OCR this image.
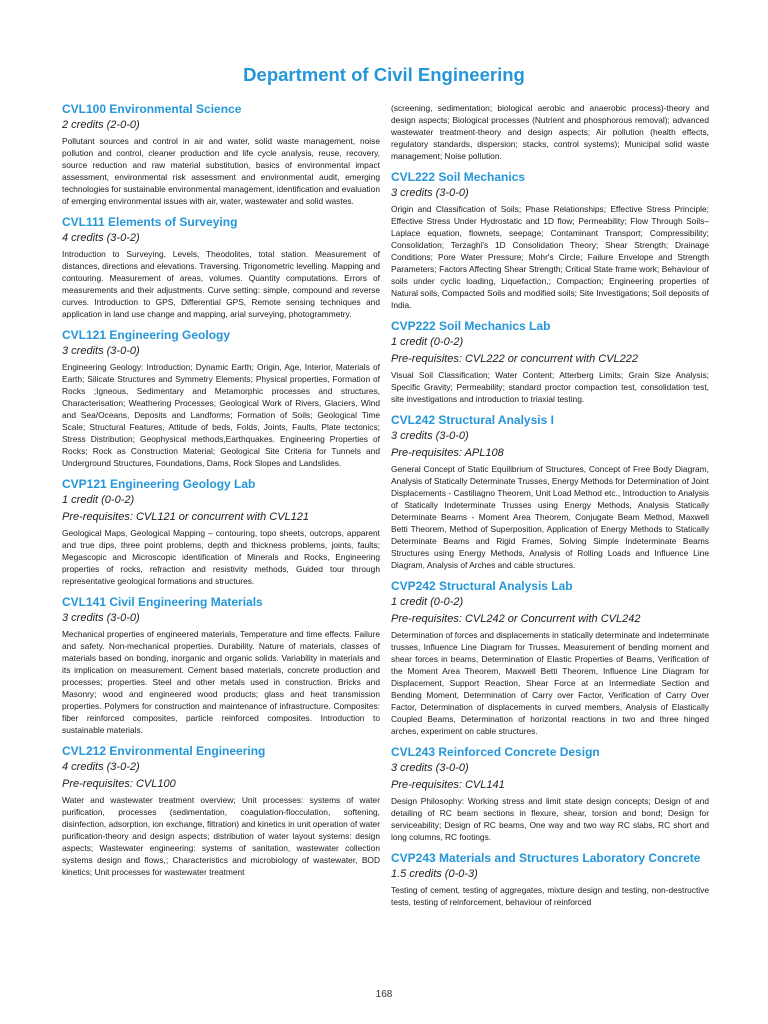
Department of Civil Engineering
CVL100 Environmental Science
2 credits (2-0-0)
Pollutant sources and control in air and water, solid waste management, noise pollution and control, cleaner production and life cycle analysis, reuse, recovery, source reduction and raw material substitution, basics of environmental impact assessment, environmental risk assessment and environmental audit, emerging technologies for sustainable environmental management, identification and evaluation of emerging environmental issues with air, water, wastewater and solid wastes.
CVL111 Elements of Surveying
4 credits (3-0-2)
Introduction to Surveying, Levels, Theodolites, total station. Measurement of distances, directions and elevations. Traversing. Trigonometric levelling. Mapping and contouring. Measurement of areas, volumes. Quantity computations. Errors of measurements and their adjustments. Curve setting: simple, compound and reverse curves. Introduction to GPS, Differential GPS, Remote sensing techniques and application in land use change and mapping, arial surveying, photogrammetry.
CVL121 Engineering Geology
3 credits (3-0-0)
Engineering Geology: Introduction; Dynamic Earth; Origin, Age, Interior, Materials of Earth; Silicate Structures and Symmetry Elements; Physical properties, Formation of Rocks ;Igneous, Sedimentary and Metamorphic processes and structures, Characterisation; Weathering Processes; Geological Work of Rivers, Glaciers, Wind and Sea/Oceans, Deposits and Landforms; Formation of Soils; Geological Time Scale; Structural Features, Attitude of beds, Folds, Joints, Faults, Plate tectonics; Stress Distribution; Geophysical methods,Earthquakes. Engineering Properties of Rocks; Rock as Construction Material; Geological Site Criteria for Tunnels and Underground Structures, Foundations, Dams, Rock Slopes and Landslides.
CVP121 Engineering Geology Lab
1 credit (0-0-2)
Pre-requisites: CVL121 or concurrent with CVL121
Geological Maps, Geological Mapping – contouring, topo sheets, outcrops, apparent and true dips, three point problems, depth and thickness problems, joints, faults; Megascopic and Microscopic identification of Minerals and Rocks, Engineering properties of rocks, refraction and resistivity methods, Guided tour through representative geological formations and structures.
CVL141 Civil Engineering Materials
3 credits (3-0-0)
Mechanical properties of engineered materials, Temperature and time effects. Failure and safety. Non-mechanical properties. Durability. Nature of materials, classes of materials based on bonding, inorganic and organic solids. Variability in materials and its implication on measurement. Cement based materials, concrete production and processes; properties. Steel and other metals used in construction. Bricks and Masonry; wood and engineered wood products; glass and heat transmission properties. Polymers for construction and maintenance of infrastructure. Composites: fiber reinforced composites, particle reinforced composites. Introduction to sustainable materials.
CVL212 Environmental Engineering
4 credits (3-0-2)
Pre-requisites: CVL100
Water and wastewater treatment overview; Unit processes: systems of water purification, processes (sedimentation, coagulation-flocculation, softening, disinfection, adsorption, ion exchange, filtration) and kinetics in unit operation of water purification-theory and design aspects; distribution of water layout systems: design aspects; Wastewater engineering: systems of sanitation, wastewater collection systems design and flows,; Characteristics and microbiology of wastewater, BOD kinetics; Unit processes for wastewater treatment
(screening, sedimentation; biological aerobic and anaerobic process)-theory and design aspects; Biological processes (Nutrient and phosphorous removal); advanced wastewater treatment-theory and design aspects; Air pollution (health effects, regulatory standards, dispersion; stacks, control systems); Municipal solid waste management; Noise pollution.
CVL222 Soil Mechanics
3 credits (3-0-0)
Origin and Classification of Soils; Phase Relationships; Effective Stress Principle; Effective Stress Under Hydrostatic and 1D flow; Permeability; Flow Through Soils–Laplace equation, flownets, seepage; Contaminant Transport; Compressibility; Consolidation; Terzaghi's 1D Consolidation Theory; Shear Strength; Drainage Conditions; Pore Water Pressure; Mohr's Circle; Failure Envelope and Strength Parameters; Factors Affecting Shear Strength; Critical State frame work; Behaviour of soils under cyclic loading, Liquefaction,; Compaction; Engineering properties of Natural soils, Compacted Soils and modified soils; Site Investigations; Soil deposits of India.
CVP222 Soil Mechanics Lab
1 credit (0-0-2)
Pre-requisites: CVL222 or concurrent with CVL222
Visual Soil Classification; Water Content; Atterberg Limits; Grain Size Analysis; Specific Gravity; Permeability; standard proctor compaction test, consolidation test, site investigations and introduction to triaxial testing.
CVL242 Structural Analysis I
3 credits (3-0-0)
Pre-requisites: APL108
General Concept of Static Equilibrium of Structures, Concept of Free Body Diagram, Analysis of Statically Determinate Trusses, Energy Methods for Determination of Joint Displacements - Castiliagno Theorem, Unit Load Method etc., Introduction to Analysis of Statically Indeterminate Trusses using Energy Methods, Analysis Statically Determinate Beams - Moment Area Theorem, Conjugate Beam Method, Maxwell Betti Theorem, Method of Superposition, Application of Energy Methods to Statically Determinate Beams and Rigid Frames, Solving Simple Indeterminate Beams Structures using Energy Methods, Analysis of Rolling Loads and Influence Line Diagram, Analysis of Arches and cable structures.
CVP242 Structural Analysis Lab
1 credit (0-0-2)
Pre-requisites: CVL242 or Concurrent with CVL242
Determination of forces and displacements in statically determinate and indeterminate trusses, Influence Line Diagram for Trusses, Measurement of bending moment and shear forces in beams, Determination of Elastic Properties of Beams, Verification of the Moment Area Theorem, Maxwell Betti Theorem, Influence Line Diagram for Displacement, Support Reaction, Shear Force at an Intermediate Section and Bending Moment, Determination of Carry over Factor, Verification of Carry Over Factor, Determination of displacements in curved members, Analysis of Elastically Coupled Beams, Determination of horizontal reactions in two and three hinged arches, experiment on cable structures.
CVL243 Reinforced Concrete Design
3 credits (3-0-0)
Pre-requisites: CVL141
Design Philosophy: Working stress and limit state design concepts; Design of and detailing of RC beam sections in flexure, shear, torsion and bond; Design for serviceability; Design of RC beams, One way and two way RC slabs, RC short and long columns, RC footings.
CVP243 Materials and Structures Laboratory Concrete
1.5 credits (0-0-3)
Testing of cement, testing of aggregates, mixture design and testing, non-destructive tests, testing of reinforcement, behaviour of reinforced
168
